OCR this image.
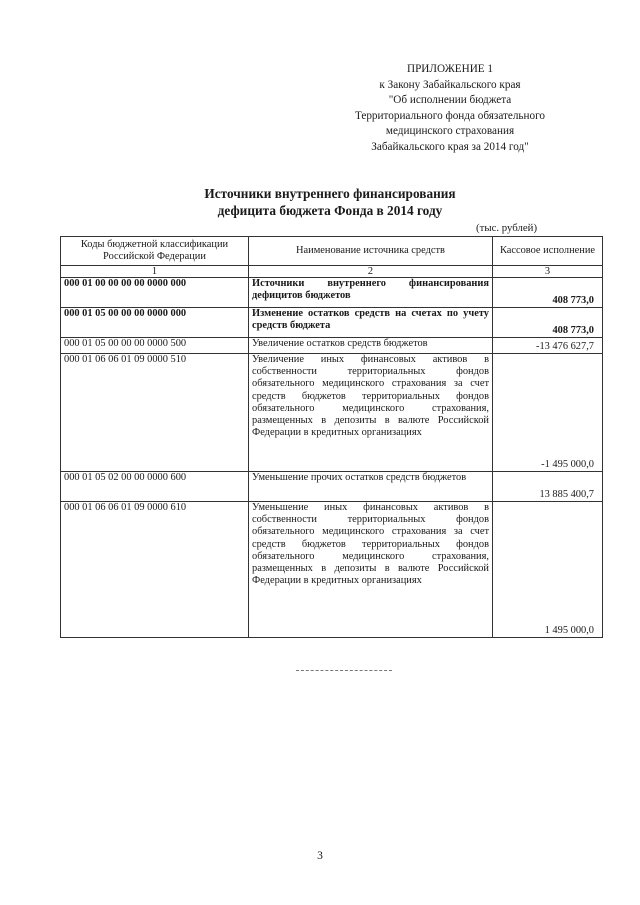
ПРИЛОЖЕНИЕ 1
к Закону Забайкальского края
"Об исполнении бюджета
Территориального фонда обязательного
медицинского страхования
Забайкальского края за 2014 год"
Источники внутреннего финансирования
дефицита бюджета Фонда в 2014 году
(тыс. рублей)
Коды бюджетной классификации Российской Федерации	Наименование источника средств	Кассовое исполнение
1	2	3
000 01 00 00 00 00 0000 000	Источники внутреннего финансирования дефицитов бюджетов	408 773,0
000 01 05 00 00 00 0000 000	Изменение остатков средств на счетах по учету средств бюджета	408 773,0
000 01 05 00 00 00 0000 500	Увеличение остатков средств бюджетов	-13 476 627,7
000 01 06 06 01 09 0000 510	Увеличение иных финансовых активов в собственности территориальных фондов обязательного медицинского страхования за счет средств бюджетов территориальных фондов обязательного медицинского страхования, размещенных в депозиты в валюте Российской Федерации в кредитных организациях	-1 495 000,0
000 01 05 02 00 00 0000 600	Уменьшение прочих остатков средств бюджетов	13 885 400,7
000 01 06 06 01 09 0000 610	Уменьшение иных финансовых активов в собственности территориальных фондов обязательного медицинского страхования за счет средств бюджетов территориальных фондов обязательного медицинского страхования, размещенных в депозиты в валюте Российской Федерации в кредитных организациях	1 495 000,0
3
